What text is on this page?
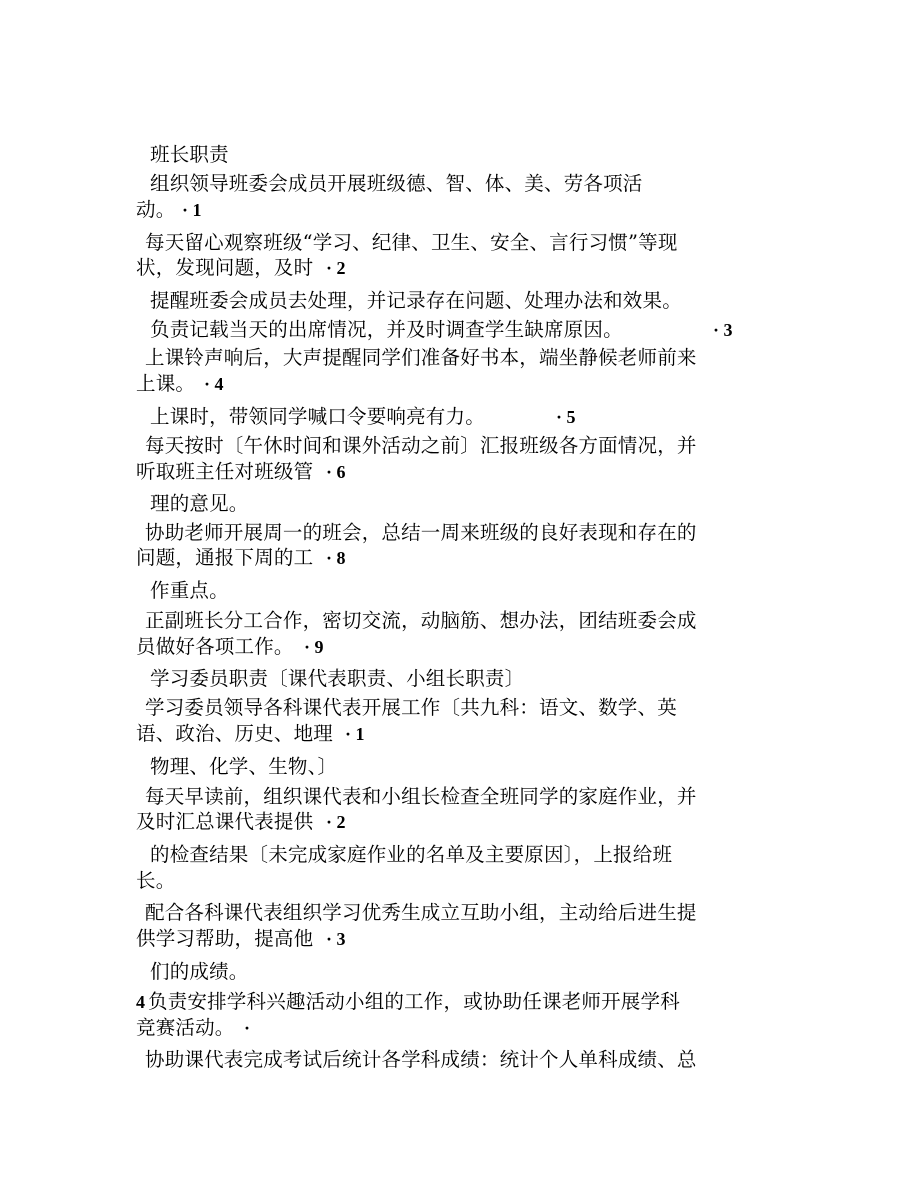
班长职责
组织领导班委会成员开展班级德、智、体、美、劳各项活
动。 · 1
每天留心观察班级“学习、纪律、卫生、安全、言行习惯”等现
状，发现问题，及时 · 2
提醒班委会成员去处理，并记录存在问题、处理办法和效果。
负责记载当天的出席情况，并及时调查学生缺席原因。	· 3
上课铃声响后，大声提醒同学们准备好书本，端坐静候老师前来
上课。 · 4
上课时，带领同学喊口令要响亮有力。	· 5
每天按时〔午休时间和课外活动之前〕汇报班级各方面情况，并
听取班主任对班级管 · 6
理的意见。
协助老师开展周一的班会，总结一周来班级的良好表现和存在的
问题，通报下周的工 · 8
作重点。
正副班长分工合作，密切交流，动脑筋、想办法，团结班委会成
员做好各项工作。 · 9
学习委员职责〔课代表职责、小组长职责〕
学习委员领导各科课代表开展工作〔共九科：语文、数学、英
语、政治、历史、地理 · 1
物理、化学、生物、〕
每天早读前，组织课代表和小组长检查全班同学的家庭作业，并
及时汇总课代表提供 · 2
的检查结果〔未完成家庭作业的名单及主要原因〕，上报给班
长。
配合各科课代表组织学习优秀生成立互助小组，主动给后进生提
供学习帮助，提高他 · 3
们的成绩。
4 负责安排学科兴趣活动小组的工作，或协助任课老师开展学科
竞赛活动。 ·
协助课代表完成考试后统计各学科成绩：统计个人单科成绩、总
